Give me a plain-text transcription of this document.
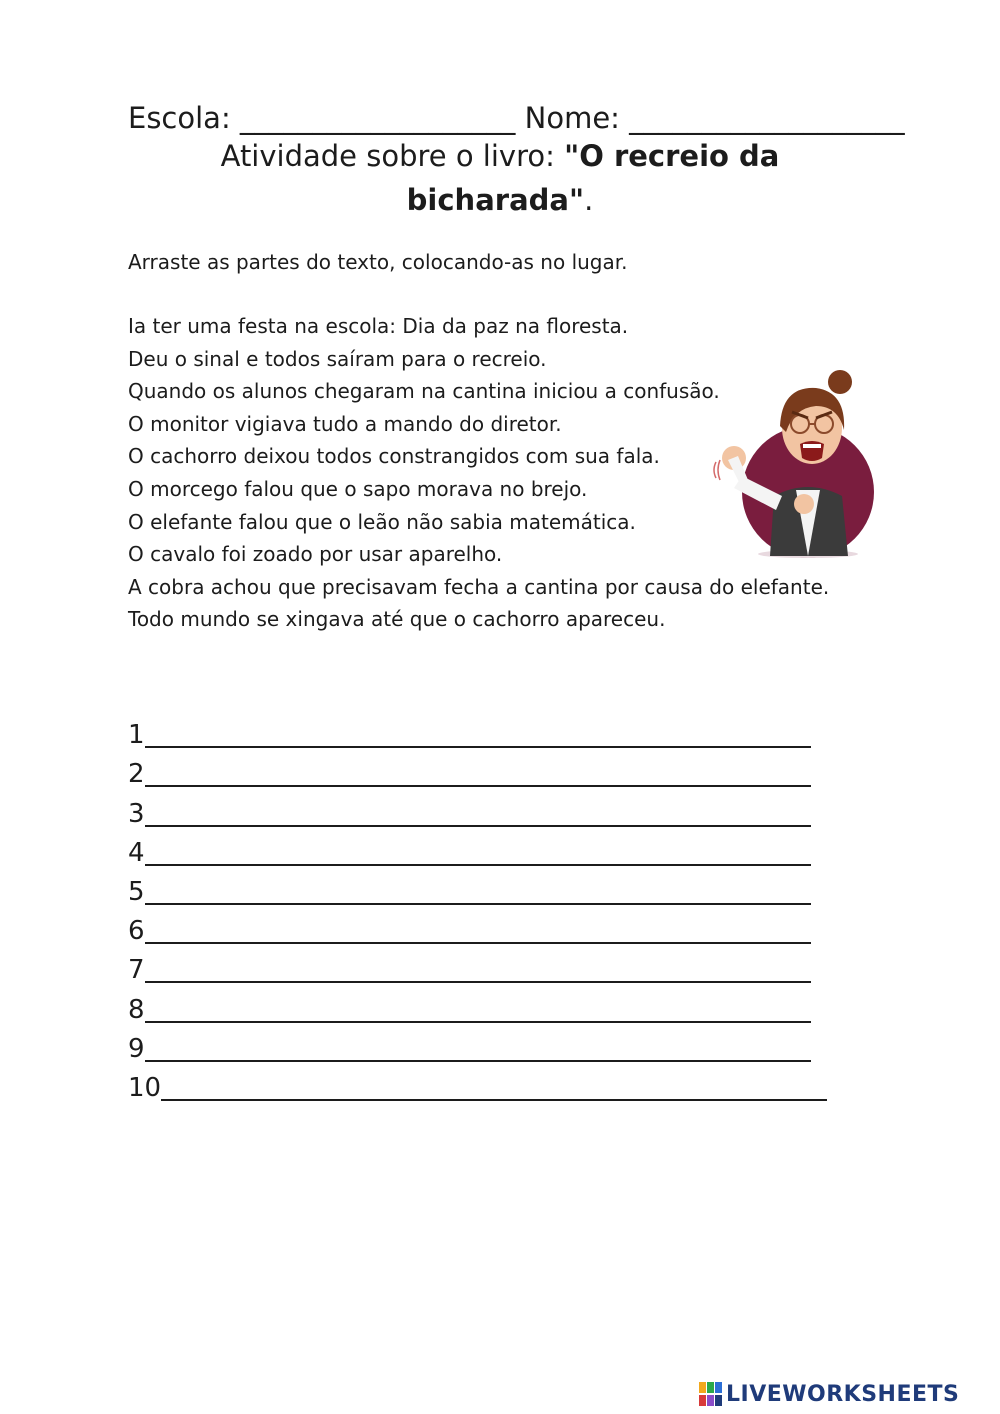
Escola: ___________________ Nome: ___________________
Atividade sobre o livro: "O recreio da bicharada".
Arraste as partes do texto, colocando-as no lugar.
Ia ter uma festa na escola: Dia da paz na floresta.
Deu o sinal e todos saíram para o recreio.
Quando os alunos chegaram na cantina iniciou a confusão.
O monitor vigiava tudo a mando do diretor.
O cachorro deixou todos constrangidos com sua fala.
O morcego falou que o sapo morava no brejo.
O elefante falou que o leão não sabia matemática.
O cavalo foi zoado por usar aparelho.
A cobra achou que precisavam fecha a cantina por causa do elefante.
Todo mundo se xingava até que o cachorro apareceu.
1
2
3
4
5
6
7
8
9
10
LIVEWORKSHEETS
